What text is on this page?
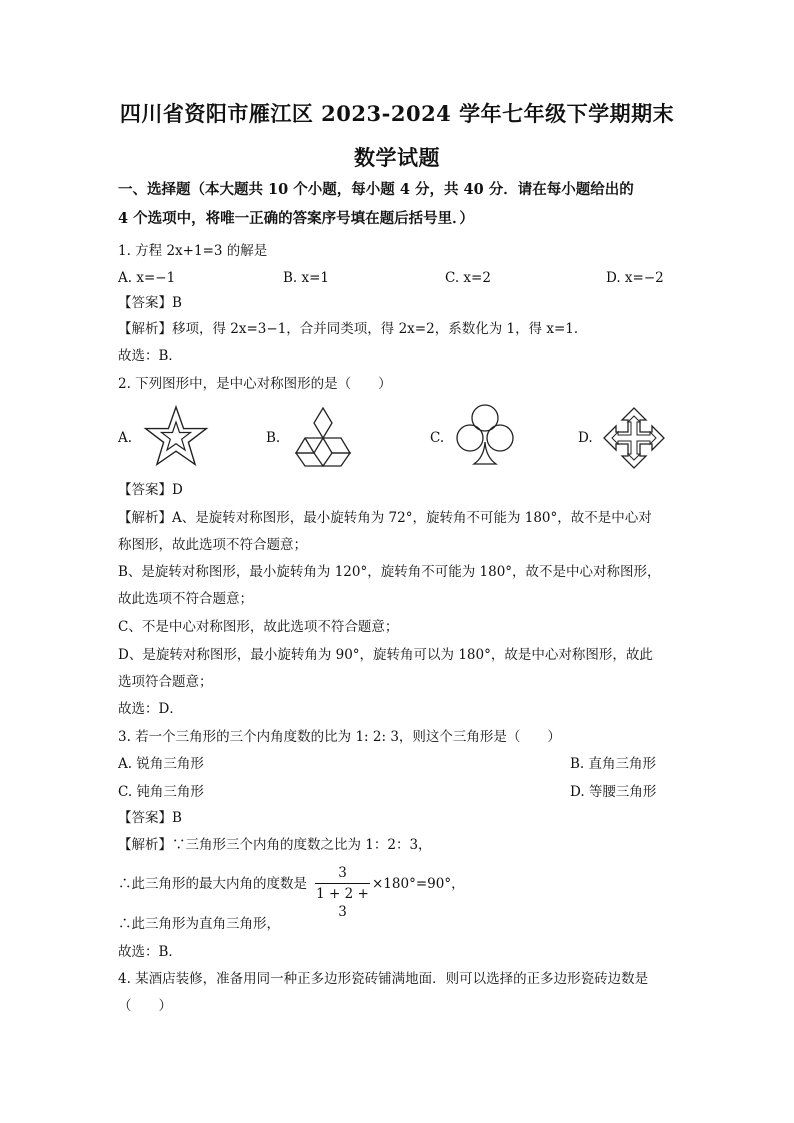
四川省资阳市雁江区 2023-2024 学年七年级下学期期末
数学试题
一、选择题（本大题共 10 个小题，每小题 4 分，共 40 分．请在每小题给出的
4 个选项中，将唯一正确的答案序号填在题后括号里．）
1. 方程 2x+1=3 的解是
A. x=−1	B. x=1	C. x=2	D. x=−2
【答案】B
【解析】移项，得 2x=3−1，合并同类项，得 2x=2，系数化为 1，得 x=1．
故选：B．
2. 下列图形中，是中心对称图形的是（　　）
A.	B.	C.	D.
【答案】D
【解析】A、是旋转对称图形，最小旋转角为 72°，旋转角不可能为 180°，故不是中心对
称图形，故此选项不符合题意；
B、是旋转对称图形，最小旋转角为 120°，旋转角不可能为 180°，故不是中心对称图形，
故此选项不符合题意；
C、不是中心对称图形，故此选项不符合题意；
D、是旋转对称图形，最小旋转角为 90°，旋转角可以为 180°，故是中心对称图形，故此
选项符合题意；
故选：D．
3. 若一个三角形的三个内角度数的比为 1: 2: 3，则这个三角形是（　　）
A. 锐角三角形	B. 直角三角形
C. 钝角三角形	D. 等腰三角形
【答案】B
【解析】∵三角形三个内角的度数之比为 1：2：3，
∴此三角形的最大内角的度数是
3
1 + 2 + 3
×180°=90°，
∴此三角形为直角三角形，
故选：B．
4. 某酒店装修，准备用同一种正多边形瓷砖铺满地面．则可以选择的正多边形瓷砖边数是
（　　）
